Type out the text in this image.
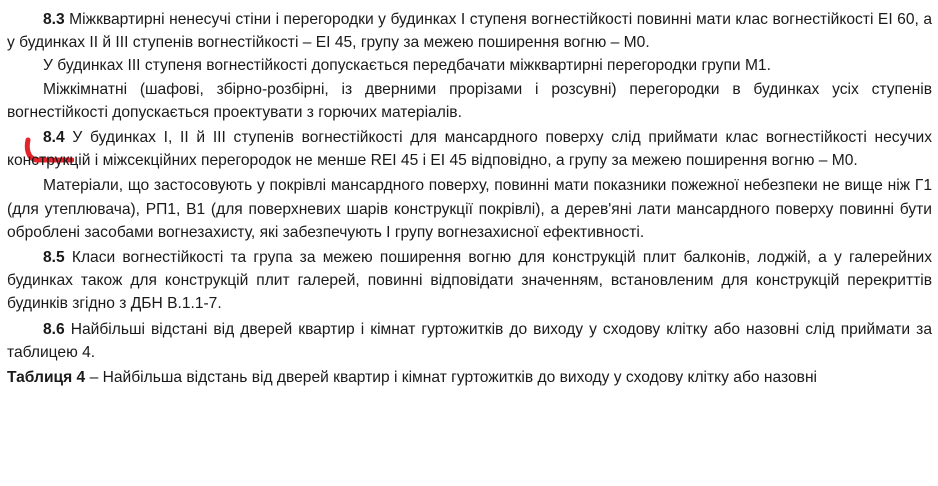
8.3 Міжквартирні ненесучі стіни і перегородки у будинках I ступеня вогнестійкості повинні мати клас вогнестійкості EI 60, а у будинках II й III ступенів вогнестійкості – EI 45, групу за межею поширення вогню – М0.

У будинках III ступеня вогнестійкості допускається передбачати міжквартирні перегородки групи М1.

Міжкімнатні (шафові, збірно-розбірні, із дверними прорізами і розсувні) перегородки в будинках усіх ступенів вогнестійкості допускається проектувати з горючих матеріалів.

8.4 У будинках I, II й III ступенів вогнестійкості для мансардного поверху слід приймати клас вогнестійкості несучих конструкцій і міжсекційних перегородок не менше REI 45 і EI 45 відповідно, а групу за межею поширення вогню – М0.

Матеріали, що застосовують у покрівлі мансардного поверху, повинні мати показники пожежної небезпеки не вище ніж Г1 (для утеплювача), РП1, В1 (для поверхневих шарів конструкції покрівлі), а дерев'яні лати мансардного поверху повинні бути оброблені засобами вогнезахисту, які забезпечують I групу вогнезахисної ефективності.

8.5 Класи вогнестійкості та група за межею поширення вогню для конструкцій плит балконів, лоджій, а у галерейних будинках також для конструкцій плит галерей, повинні відповідати значенням, встановленим для конструкцій перекриттів будинків згідно з ДБН В.1.1-7.

8.6 Найбільші відстані від дверей квартир і кімнат гуртожитків до виходу у сходову клітку або назовні слід приймати за таблицею 4.

Таблиця 4 – Найбільша відстань від дверей квартир і кімнат гуртожитків до виходу у сходову клітку або назовні
